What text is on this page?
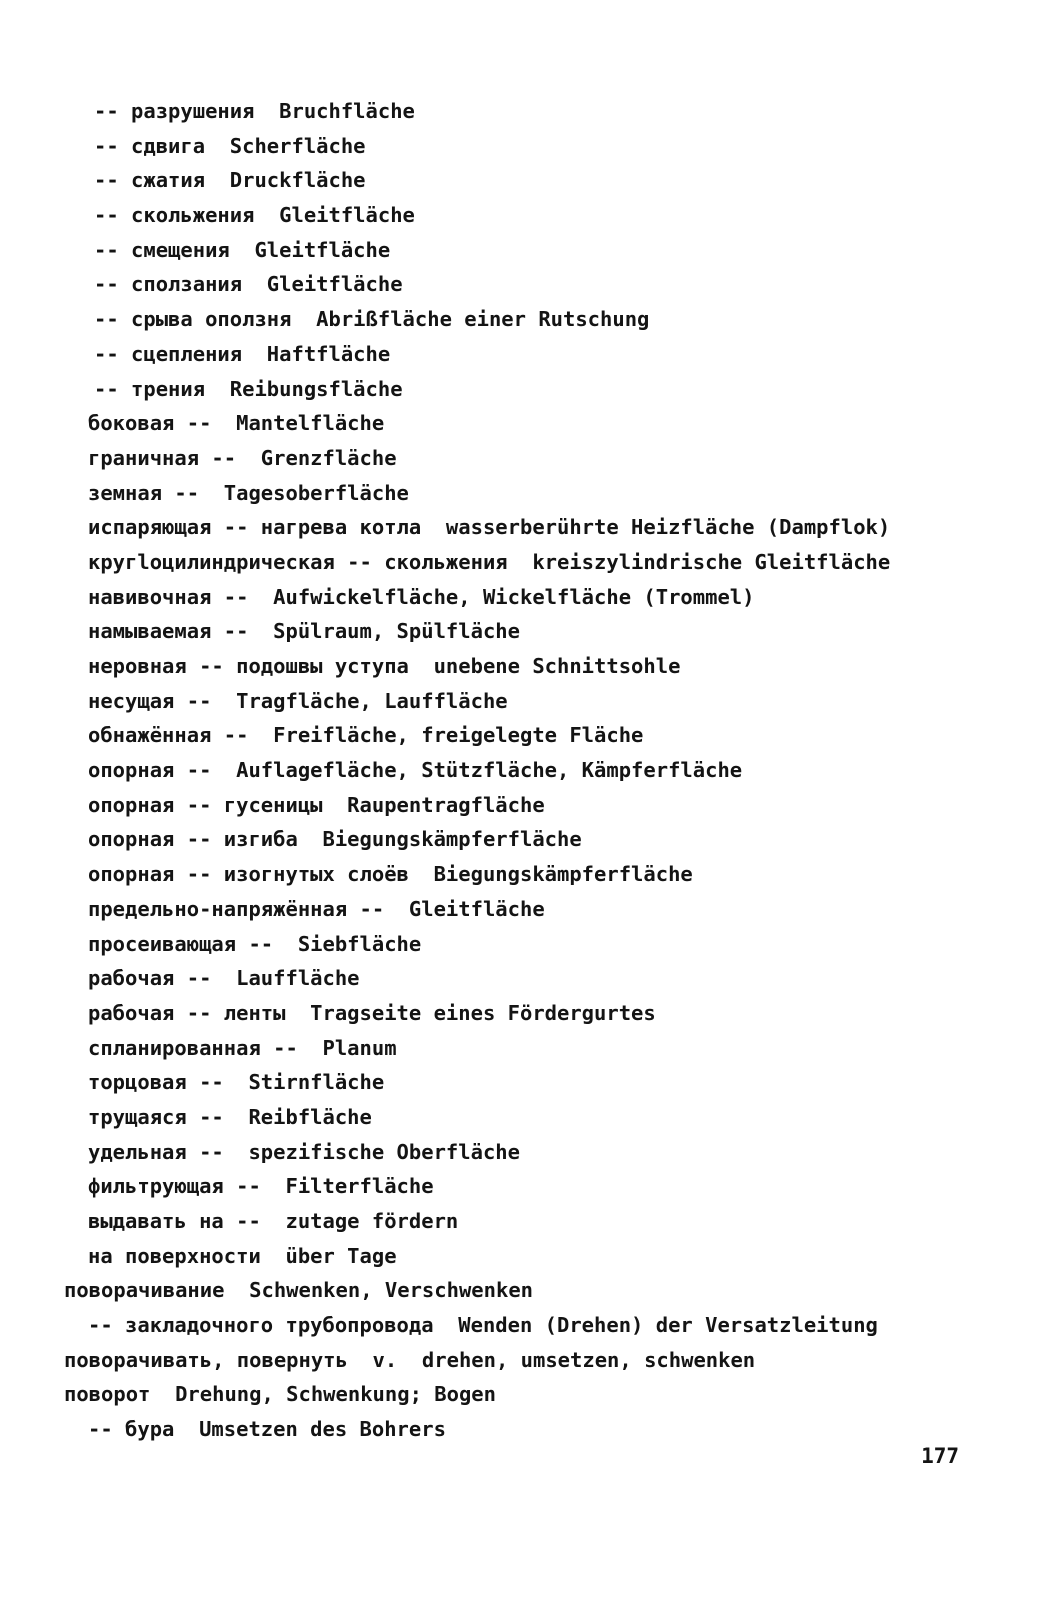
-- разрушения  Bruchfläche
-- сдвига  Scherfläche
-- сжатия  Druckfläche
-- скольжения  Gleitfläche
-- смещения  Gleitfläche
-- сползания  Gleitfläche
-- срыва оползня  Abrißfläche einer Rutschung
-- сцепления  Haftfläche
-- трения  Reibungsfläche
боковая --  Mantelfläche
граничная --  Grenzfläche
земная --  Tagesoberfläche
испаряющая -- нагрева котла  wasserberührte Heizfläche (Dampflok)
кругloцилиндрическая -- скольжения  kreiszylindrische Gleitfläche
навивочная --  Aufwickelfläche, Wickelfläche (Trommel)
намываемая --  Spülraum, Spülfläche
неровная -- подошвы уступа  unebene Schnittsohle
несущая --  Tragfläche, Lauffläche
обнажённая --  Freifläche, freigelegte Fläche
опорная --  Auflagefläche, Stützfläche, Kämpferfläche
опорная -- гусеницы  Raupentragfläche
опорная -- изгиба  Biegungskämpferfläche
опорная -- изогнутых слоёв  Biegungskämpferfläche
предельно-напряжённая --  Gleitfläche
просеивающая --  Siebfläche
рабочая --  Lauffläche
рабочая -- ленты  Tragseite eines Fördergurtes
спланированная --  Planum
торцовая --  Stirnfläche
трущаяся --  Reibfläche
удельная --  spezifische Oberfläche
фильтрующая --  Filterfläche
выдавать на --  zutage fördern
на поверхности  über Tage
поворачивание  Schwenken, Verschwenken
-- закладочного трубопровода  Wenden (Drehen) der Versatzleitung
поворачивать, повернуть  v.  drehen, umsetzen, schwenken
поворот  Drehung, Schwenkung; Bogen
-- бура  Umsetzen des Bohrers
177
